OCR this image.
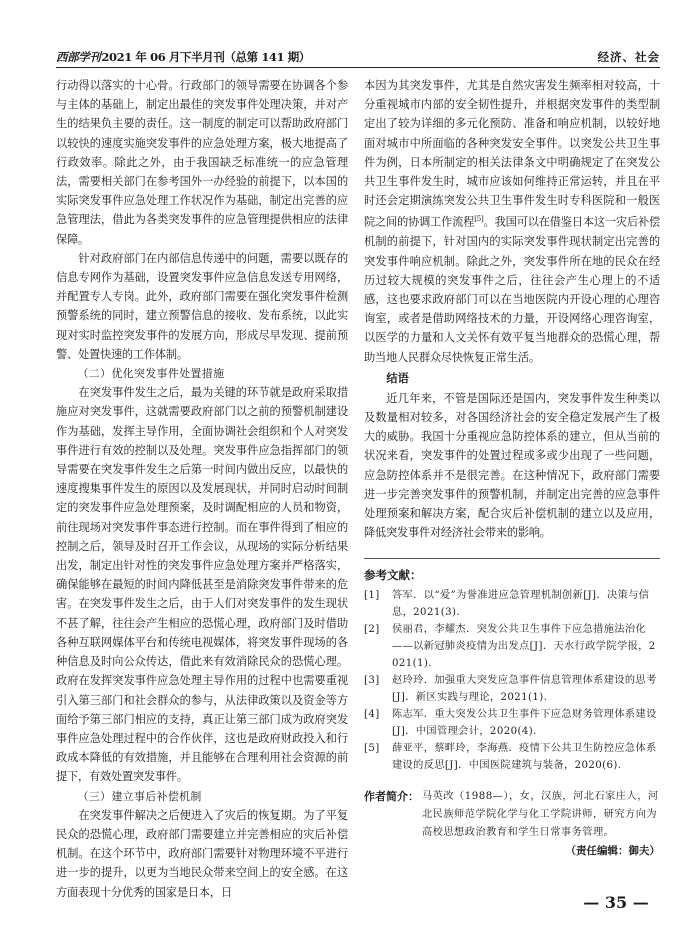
西部学刊2021 年 06 月下半月刊（总第 141 期）	经济、社会

行动得以落实的十心骨。行政部门的领导需要在协调各个参与主体的基础上，制定出最佳的突发事件处理决策，并对产生的结果负主要的责任。这一制度的制定可以帮助政府部门以较快的速度实施突发事件的应急处理方案，极大地提高了行政效率。除此之外，由于我国缺乏标准统一的应急管理法，需要相关部门在参考国外一办经验的前提下，以本国的实际突发事件应急处理工作状况作为基础，制定出完善的应急管理法，借此为各类突发事件的应急管理提供相应的法律保障。

针对政府部门在内部信息传递中的问题，需要以既存的信息专网作为基础，设置突发事件应急信息发送专用网络，并配置专人专岗。此外，政府部门需要在强化突发事件检测预警系统的同时，建立预警信息的接收、发布系统，以此实现对实时监控突发事件的发展方向，形成尽早发现、提前预警、处置快速的工作体制。

（二）优化突发事件处置措施

在突发事件发生之后，最为关键的环节就是政府采取措施应对突发事件，这就需要政府部门以之前的预警机制建设作为基础，发挥主导作用，全面协调社会组织和个人对突发事件进行有效的控制以及处理。突发事件应急指挥部门的领导需要在突发事件发生之后第一时间内做出反应，以最快的速度搜集事件发生的原因以及发展现状，并同时启动时间制定的突发事件应急处理预案，及时调配相应的人员和物资，前往现场对突发事件事态进行控制。而在事件得到了相应的控制之后，领导及时召开工作会议，从现场的实际分析结果出发，制定出针对性的突发事件应急处理方案并严格落实，确保能够在最短的时间内降低甚至是消除突发事件带来的危害。在突发事件发生之后，由于人们对突发事件的发生现状不甚了解，往往会产生相应的恐慌心理，政府部门及时借助各种互联网媒体平台和传统电视媒体，将突发事件现场的各种信息及时向公众传达，借此来有效消除民众的恐慌心理。政府在发挥突发事件应急处理主导作用的过程中也需要重视引入第三部门和社会群众的参与，从法律政策以及资金等方面给予第三部门相应的支持，真正让第三部门成为政府突发事件应急处理过程中的合作伙伴，这也是政府财政投入和行政成本降低的有效措施，并且能够在合理利用社会资源的前提下，有效处置突发事件。

（三）建立事后补偿机制

在突发事件解决之后便进入了灾后的恢复期。为了平复民众的恐慌心理，政府部门需要建立并完善相应的灾后补偿机制。在这个环节中，政府部门需要针对物理环境不平进行进一步的提升，以更为当地民众带来空间上的安全感。在这方面表现十分优秀的国家是日本，日

本因为其突发事件，尤其是自然灾害发生频率相对较高，十分重视城市内部的安全韧性提升，并根据突发事件的类型制定出了较为详细的多元化预防、准备和响应机制，以较好地面对城市中所面临的各种突发安全事件。以突发公共卫生事件为例，日本所制定的相关法律条文中明确规定了在突发公共卫生事件发生时，城市应该如何维持正常运转，并且在平时还会定期演练突发公共卫生事件发生时专科医院和一般医院之间的协调工作流程[5]。我国可以在借鉴日本这一灾后补偿机制的前提下，针对国内的实际突发事件现状制定出完善的突发事件响应机制。除此之外，突发事件所在地的民众在经历过较大规模的突发事件之后，往往会产生心理上的不适感，这也要求政府部门可以在当地医院内开设心理的心理咨询室，或者是借助网络技术的力量，开设网络心理咨询室，以医学的力量和人文关怀有效平复当地群众的恐慌心理，帮助当地人民群众尽快恢复正常生活。

结语

近几年来，不管是国际还是国内，突发事件发生种类以及数量相对较多，对各国经济社会的安全稳定发展产生了极大的威胁。我国十分重视应急防控体系的建立，但从当前的状况来看，突发事件的处置过程或多或少出现了一些问题，应急防控体系并不是很完善。在这种情况下，政府部门需要进一步完善突发事件的预警机制，并制定出完善的应急事件处理预案和解决方案，配合灾后补偿机制的建立以及应用，降低突发事件对经济社会带来的影响。

参考文献：

[1] 答军．以“爱”为誉准进应急管理机制创新[J]．决策与信息，2021(3).

[2] 侯丽君，李耀杰．突发公共卫生事件下应急措施法治化——以新冠肺炎疫情为出发点[J]．天水行政学院学报，2021(1).

[3] 赵玲玲．加强重大突发应急事件信息管理体系建设的思考[J]．新区实践与理论，2021(1).

[4] 陈志军．重大突发公共卫生事件下应急财务管理体系建设[J]．中国管理会计，2020(4).

[5] 薛亚平，蔡畔玲，李海燕．疫情下公共卫生防控应急体系建设的反思[J]．中国医院建筑与装备，2020(6).

作者简介： 马英改（1988—），女，汉族，河北石家庄人，河北民族师范学院化学与化工学院讲师，研究方向为高校思想政治教育和学生日常事务管理。
（责任编辑：御夫）
— 35 —
